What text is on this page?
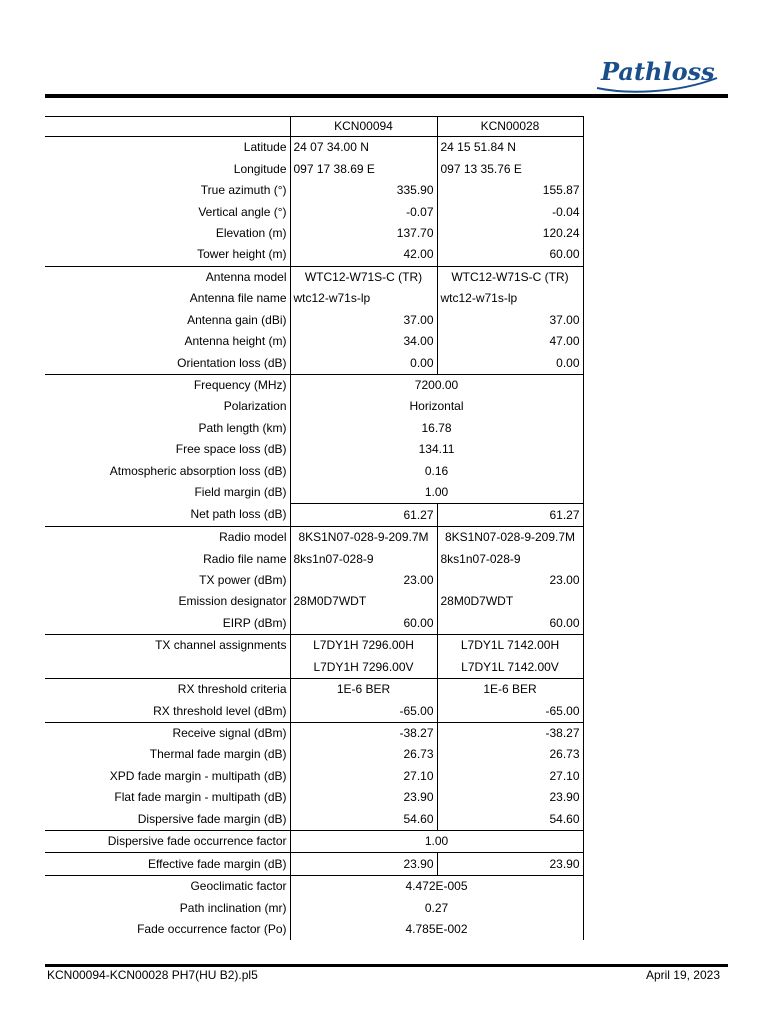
Pathloss
	KCN00094	KCN00028
Latitude	24 07 34.00 N	24 15 51.84 N
Longitude	097 17 38.69 E	097 13 35.76 E
True azimuth (°)	335.90	155.87
Vertical angle (°)	-0.07	-0.04
Elevation (m)	137.70	120.24
Tower height (m)	42.00	60.00
Antenna model	WTC12-W71S-C (TR)	WTC12-W71S-C (TR)
Antenna file name	wtc12-w71s-lp	wtc12-w71s-lp
Antenna gain (dBi)	37.00	37.00
Antenna height (m)	34.00	47.00
Orientation loss (dB)	0.00	0.00
Frequency (MHz)	7200.00	
Polarization	Horizontal	
Path length (km)	16.78	
Free space loss (dB)	134.11	
Atmospheric absorption loss (dB)	0.16	
Field margin (dB)	1.00	
Net path loss (dB)	61.27	61.27
Radio model	8KS1N07-028-9-209.7M	8KS1N07-028-9-209.7M
Radio file name	8ks1n07-028-9	8ks1n07-028-9
TX power (dBm)	23.00	23.00
Emission designator	28M0D7WDT	28M0D7WDT
EIRP (dBm)	60.00	60.00
TX channel assignments	L7DY1H 7296.00H	L7DY1L 7142.00H
	L7DY1H 7296.00V	L7DY1L 7142.00V
RX threshold criteria	1E-6 BER	1E-6 BER
RX threshold level (dBm)	-65.00	-65.00
Receive signal (dBm)	-38.27	-38.27
Thermal fade margin (dB)	26.73	26.73
XPD fade margin - multipath (dB)	27.10	27.10
Flat fade margin - multipath (dB)	23.90	23.90
Dispersive fade margin (dB)	54.60	54.60
Dispersive fade occurrence factor	1.00	
Effective fade margin (dB)	23.90	23.90
Geoclimatic factor	4.472E-005	
Path inclination (mr)	0.27	
Fade occurrence factor (Po)	4.785E-002	
KCN00094-KCN00028 PH7(HU B2).pl5	April 19, 2023
